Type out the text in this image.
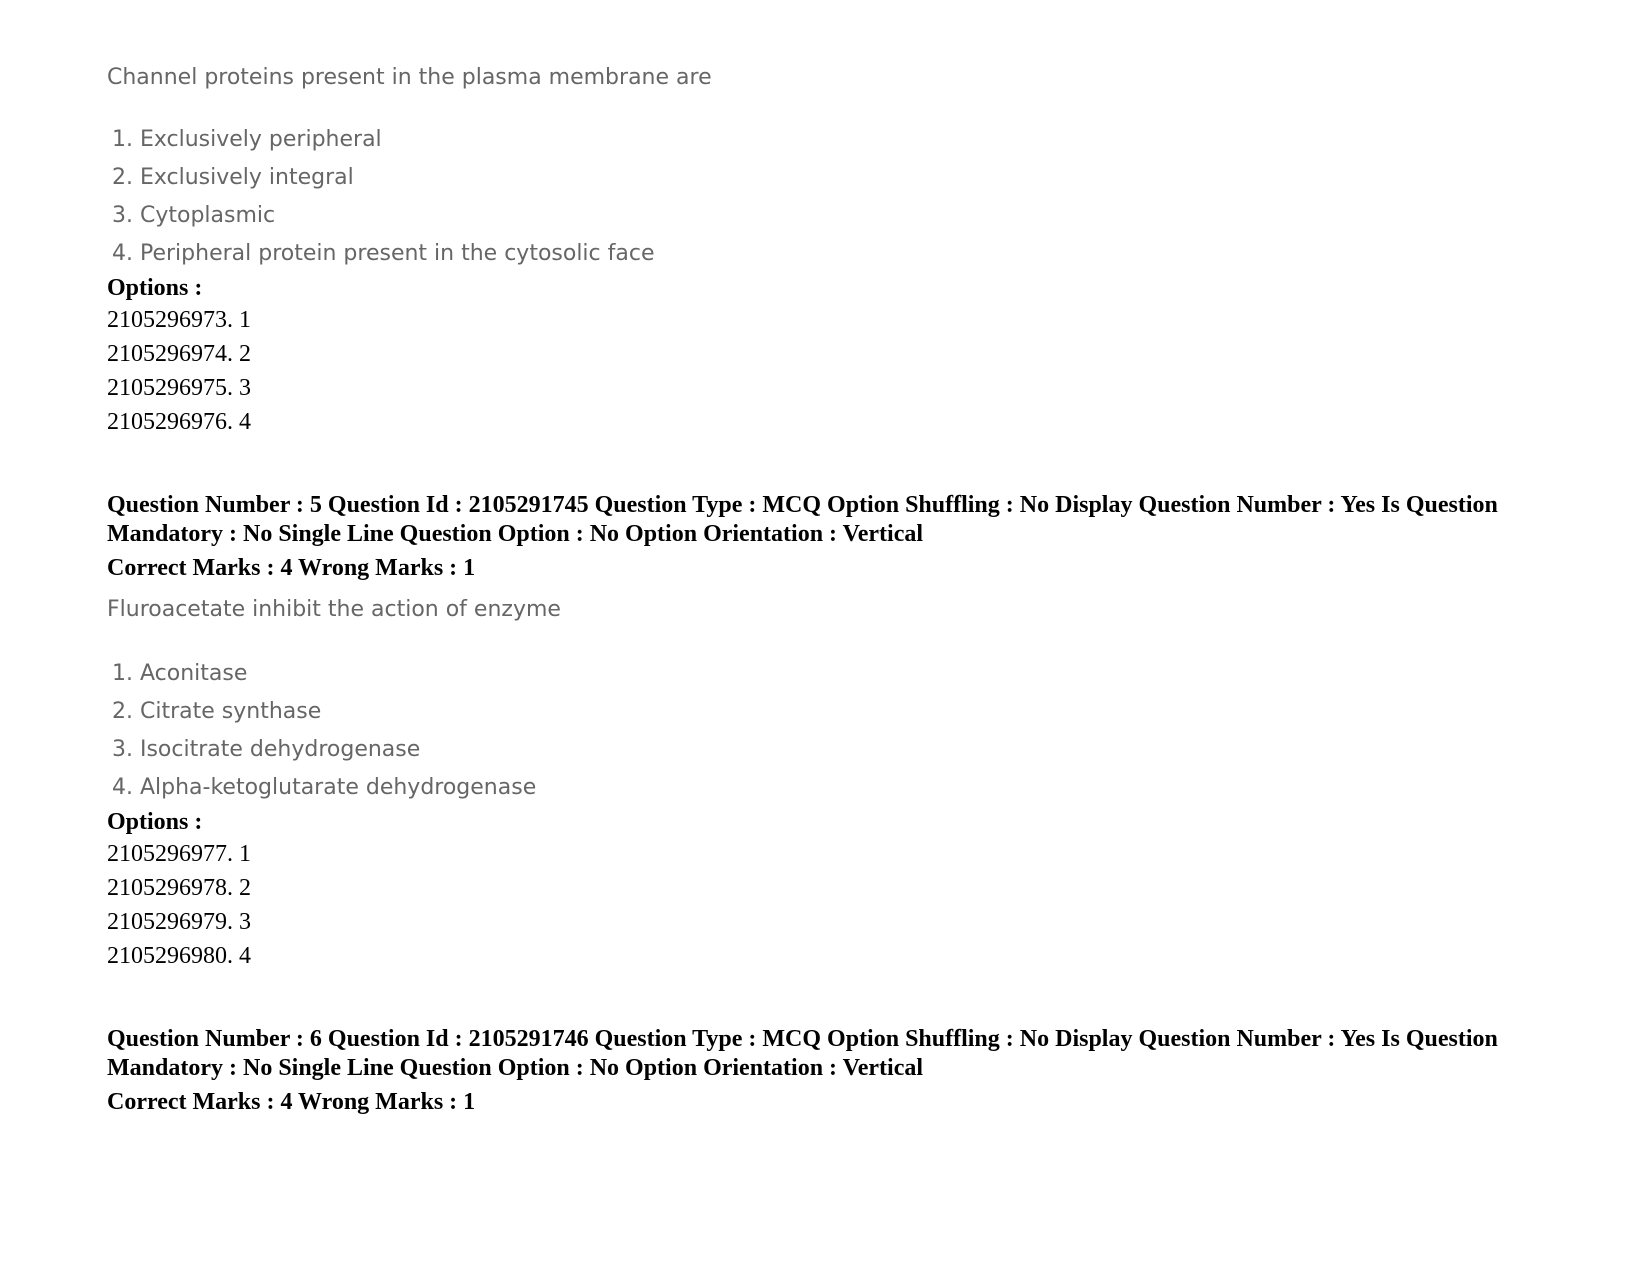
Channel proteins present in the plasma membrane are

1. Exclusively peripheral
2. Exclusively integral
3. Cytoplasmic
4. Peripheral protein present in the cytosolic face

Options :

2105296973. 1
2105296974. 2
2105296975. 3
2105296976. 4

Question Number : 5 Question Id : 2105291745 Question Type : MCQ Option Shuffling : No Display Question Number : Yes Is Question Mandatory : No Single Line Question Option : No Option Orientation : Vertical

Correct Marks : 4 Wrong Marks : 1

Fluroacetate inhibit the action of enzyme

1. Aconitase
2. Citrate synthase
3. Isocitrate dehydrogenase
4. Alpha-ketoglutarate dehydrogenase

Options :

2105296977. 1
2105296978. 2
2105296979. 3
2105296980. 4

Question Number : 6 Question Id : 2105291746 Question Type : MCQ Option Shuffling : No Display Question Number : Yes Is Question Mandatory : No Single Line Question Option : No Option Orientation : Vertical

Correct Marks : 4 Wrong Marks : 1
